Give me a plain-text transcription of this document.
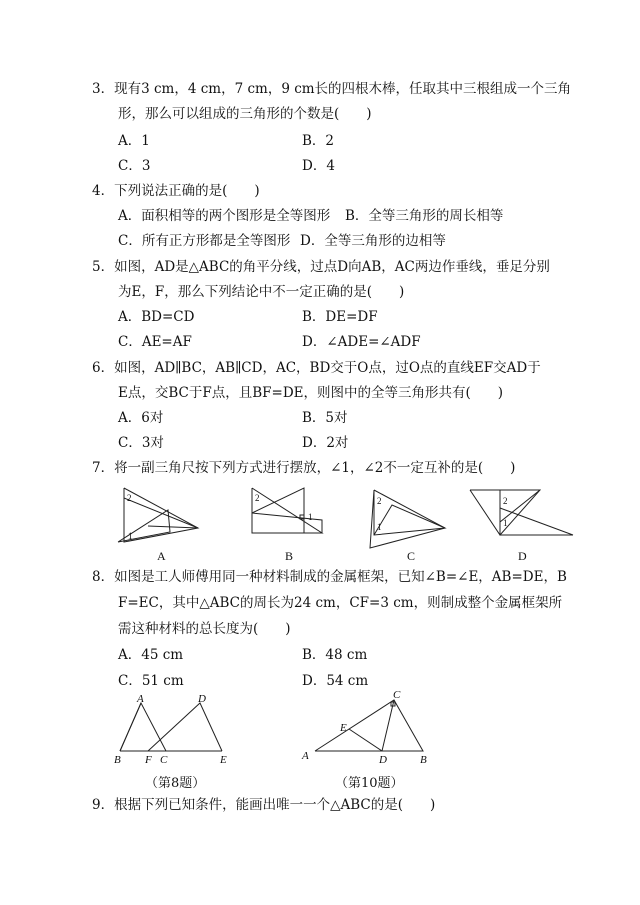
3．现有3 cm，4 cm，7 cm，9 cm长的四根木棒，任取其中三根组成一个三角
形，那么可以组成的三角形的个数是(　　)
A．1	B．2
C．3	D．4
4．下列说法正确的是(　　)
A．面积相等的两个图形是全等图形 B．全等三角形的周长相等
C．所有正方形都是全等图形 D．全等三角形的边相等
5．如图，AD是△ABC的角平分线，过点D向AB，AC两边作垂线，垂足分别
为E，F，那么下列结论中不一定正确的是(　　)
A．BD=CD	B．DE=DF
C．AE=AF	D．∠ADE=∠ADF
6．如图，AD∥BC，AB∥CD，AC，BD交于O点，过O点的直线EF交AD于
E点，交BC于F点，且BF=DE，则图中的全等三角形共有(　　)
A．6对	B．5对
C．3对	D．2对
7．将一副三角尺按下列方式进行摆放，∠1，∠2不一定互补的是(　　)
2
1
2
1
2
1
2
1
A	B	C	D
8．如图是工人师傅用同一种材料制成的金属框架，已知∠B=∠E，AB=DE，B
F=EC，其中△ABC的周长为24 cm，CF=3 cm，则制成整个金属框架所
需这种材料的总长度为(　　)
A．45 cm	B．48 cm
C．51 cm	D．54 cm
A	D
B F C	E
C
E
A	D	B
（第8题）	（第10题）
9．根据下列已知条件，能画出唯一一个△ABC的是(　　)
